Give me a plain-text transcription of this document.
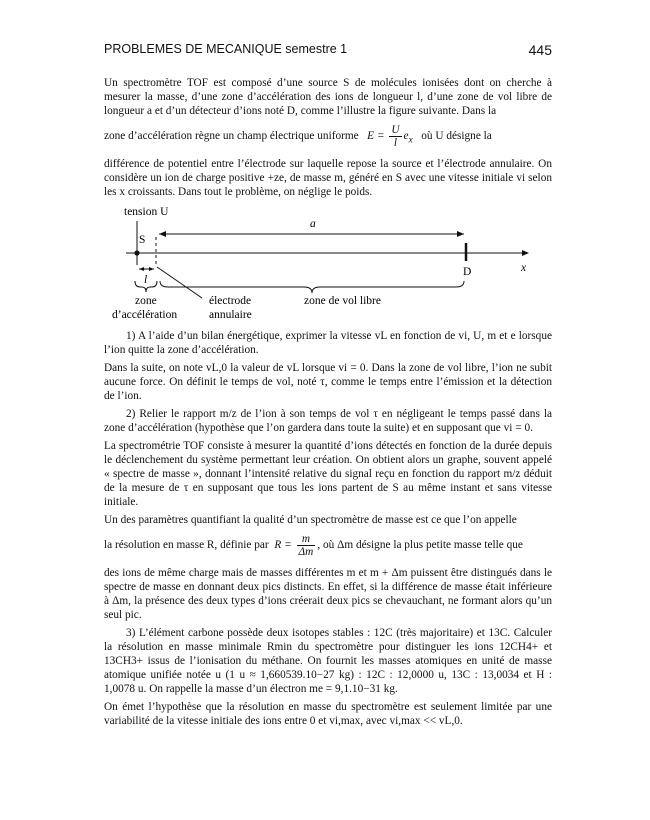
PROBLEMES DE MECANIQUE semestre 1	445

Un spectromètre TOF est composé d’une source S de molécules ionisées dont on cherche à mesurer la masse, d’une zone d’accélération des ions de longueur l, d’une zone de vol libre de longueur a et d’un détecteur d’ions noté D, comme l’illustre la figure suivante. Dans la

zone d’accélération règne un champ électrique uniforme $E = \frac{U}{l} e_x$ où U désigne la

différence de potentiel entre l’électrode sur laquelle repose la source et l’électrode annulaire. On considère un ion de charge positive +ze, de masse m, généré en S avec une vitesse initiale vi selon les x croissants. Dans tout le problème, on néglige le poids.

tension U
S
D	x
a
l
zone
d’accélération
électrode
annulaire
zone de vol libre

1) A l’aide d’un bilan énergétique, exprimer la vitesse vL en fonction de vi, U, m et e lorsque l’ion quitte la zone d’accélération.

Dans la suite, on note vL,0 la valeur de vL lorsque vi = 0. Dans la zone de vol libre, l’ion ne subit aucune force. On définit le temps de vol, noté τ, comme le temps entre l’émission et la détection de l’ion.

2) Relier le rapport m/z de l’ion à son temps de vol τ en négligeant le temps passé dans la zone d’accélération (hypothèse que l’on gardera dans toute la suite) et en supposant que vi = 0.

La spectrométrie TOF consiste à mesurer la quantité d’ions détectés en fonction de la durée depuis le déclenchement du système permettant leur création. On obtient alors un graphe, souvent appelé « spectre de masse », donnant l’intensité relative du signal reçu en fonction du rapport m/z déduit de la mesure de τ en supposant que tous les ions partent de S au même instant et sans vitesse initiale.

Un des paramètres quantifiant la qualité d’un spectromètre de masse est ce que l’on appelle

la résolution en masse R, définie par $R = \frac{m}{\Delta m}$ , où Δm désigne la plus petite masse telle que

des ions de même charge mais de masses différentes m et m + Δm puissent être distingués dans le spectre de masse en donnant deux pics distincts. En effet, si la différence de masse était inférieure à Δm, la présence des deux types d’ions créerait deux pics se chevauchant, ne formant alors qu’un seul pic.

3) L’élément carbone possède deux isotopes stables : 12C (très majoritaire) et 13C. Calculer la résolution en masse minimale Rmin du spectromètre pour distinguer les ions 12CH4+ et 13CH3+ issus de l’ionisation du méthane. On fournit les masses atomiques en unité de masse atomique unifiée notée u (1 u ≈ 1,660539.10−27 kg) : 12C : 12,0000 u, 13C : 13,0034 et H : 1,0078 u. On rappelle la masse d’un électron me = 9,1.10−31 kg.

On émet l’hypothèse que la résolution en masse du spectromètre est seulement limitée par une variabilité de la vitesse initiale des ions entre 0 et vi,max, avec vi,max << vL,0.
